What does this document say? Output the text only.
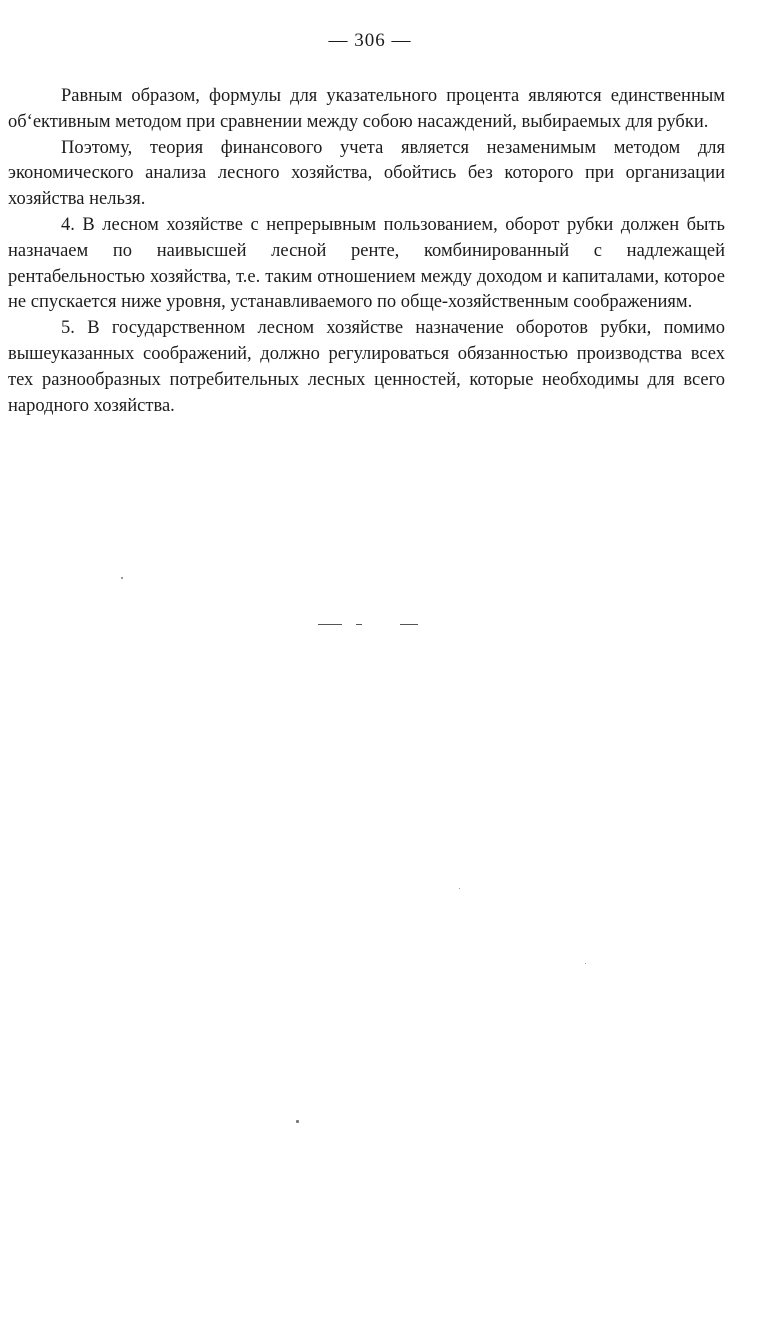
— 306 —

Равным образом, формулы для указательного процента являются единственным об‘ективным методом при сравнении между собою насаждений, выбираемых для рубки.

Поэтому, теория финансового учета является незаменимым методом для экономического анализа лесного хозяйства, обойтись без которого при организации хозяйства нельзя.

4. В лесном хозяйстве с непрерывным пользованием, оборот рубки должен быть назначаем по наивысшей лесной ренте, комбинированный с надлежащей рентабельностью хозяйства, т.е. таким отношением между доходом и капиталами, которое не спускается ниже уровня, устанавливаемого по обще-хозяйственным соображениям.

5. В государственном лесном хозяйстве назначение оборотов рубки, помимо вышеуказанных соображений, должно регулироваться обязанностью производства всех тех разнообразных потребительных лесных ценностей, которые необходимы для всего народного хозяйства.
